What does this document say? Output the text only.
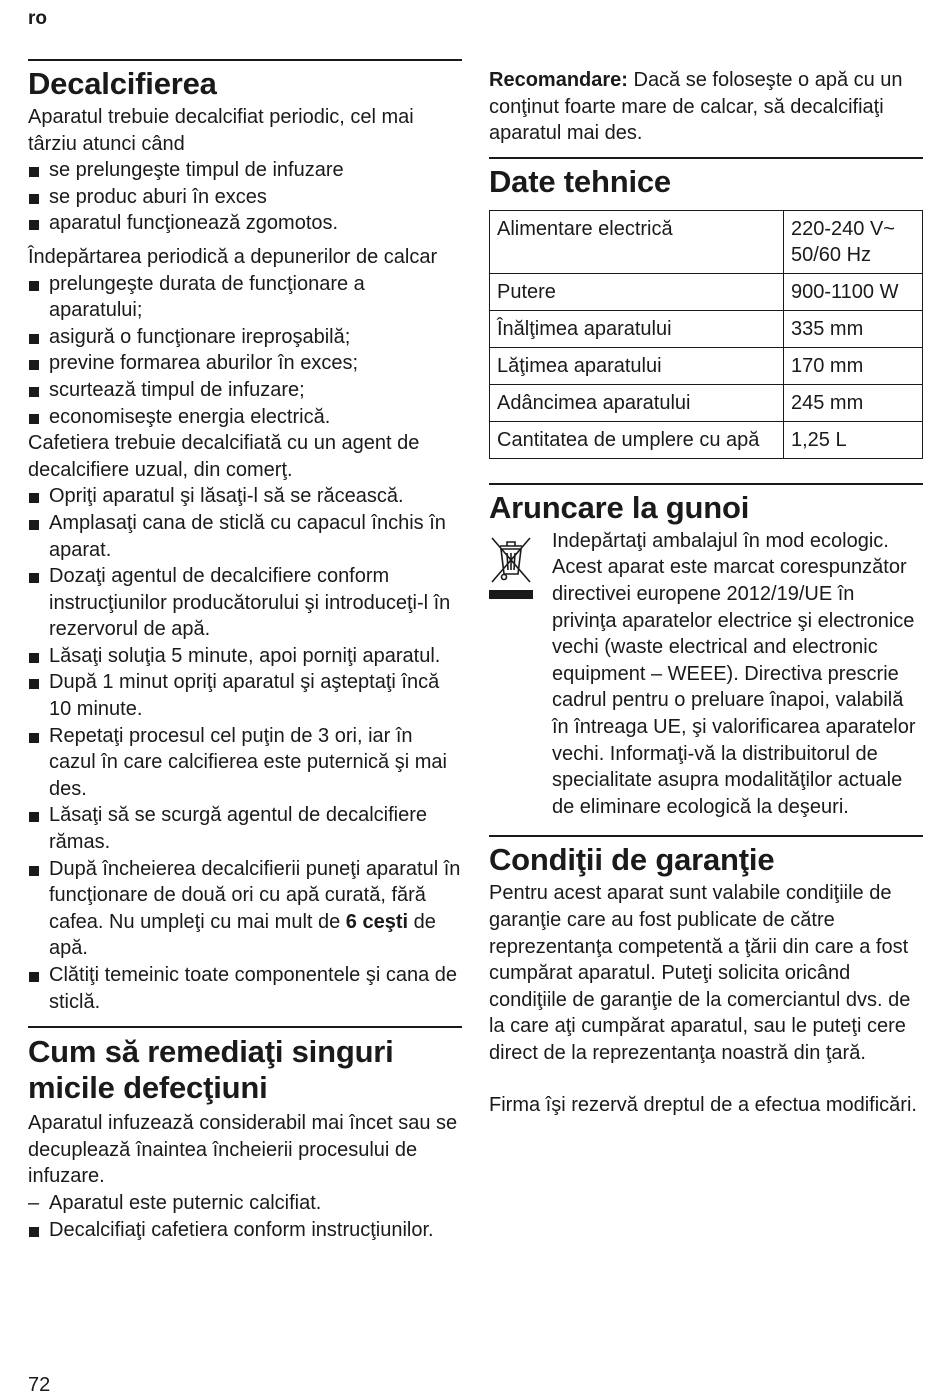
ro
Decalcifierea

Aparatul trebuie decalcifiat periodic, cel mai târziu atunci când

se prelungeşte timpul de infuzare
se produc aburi în exces
aparatul funcţionează zgomotos.

Îndepărtarea periodică a depunerilor de calcar

prelungeşte durata de funcţionare a aparatului;
asigură o funcţionare ireproşabilă;
previne formarea aburilor în exces;
scurtează timpul de infuzare;
economiseşte energia electrică.

Cafetiera trebuie decalcifiată cu un agent de decalcifiere uzual, din comerţ.

Opriţi aparatul şi lăsaţi-l să se răcească.
Amplasaţi cana de sticlă cu capacul închis în aparat.
Dozaţi agentul de decalcifiere conform instrucţiunilor producătorului şi introduceţi-l în rezervorul de apă.
Lăsaţi soluţia 5 minute, apoi porniţi aparatul.
După 1 minut opriţi aparatul şi aşteptaţi încă 10 minute.
Repetaţi procesul cel puţin de 3 ori, iar în cazul în care calcifierea este puternică şi mai des.
Lăsaţi să se scurgă agentul de decalcifiere rămas.
După încheierea decalcifierii puneţi aparatul în funcţionare de două ori cu apă curată, fără cafea. Nu umpleţi cu mai mult de 6 ceşti de apă.
Clătiţi temeinic toate componentele şi cana de sticlă.
Cum să remediaţi singuri
micile defecţiuni

Aparatul infuzează considerabil mai încet sau se decuplează înaintea încheierii procesului de infuzare.

– Aparatul este puternic calcifiat.
Decalcifiaţi cafetiera conform instrucţiunilor.

Recomandare: Dacă se foloseşte o apă cu un conţinut foarte mare de calcar, să decalcifiaţi aparatul mai des.

Date tehnice
Alimentare electrică	220-240 V~
50/60 Hz
Putere	900-1100 W
Înălţimea aparatului	335 mm
Lăţimea aparatului	170 mm
Adâncimea aparatului	245 mm
Cantitatea de umplere cu apă	1,25 L
Aruncare la gunoi

Indepărtaţi ambalajul în mod ecologic. Acest aparat este marcat corespunzător directivei europene 2012/19/UE în privinţa aparatelor electrice şi electronice vechi (waste electrical and electronic equipment – WEEE). Directiva prescrie cadrul pentru o preluare înapoi, valabilă în întreaga UE, şi valorificarea aparatelor vechi. Informaţi-vă la distribuitorul de specialitate asupra modalităţilor actuale de eliminare ecologică la deşeuri.

Condiţii de garanţie

Pentru acest aparat sunt valabile condiţiile de garanţie care au fost publicate de către reprezentanţa competentă a ţării din care a fost cumpărat aparatul. Puteţi solicita oricând condiţiile de garanţie de la comerciantul dvs. de la care aţi cumpărat aparatul, sau le puteţi cere direct de la reprezentanţa noastră din ţară.

Firma îşi rezervă dreptul de a efectua modificări.

72
